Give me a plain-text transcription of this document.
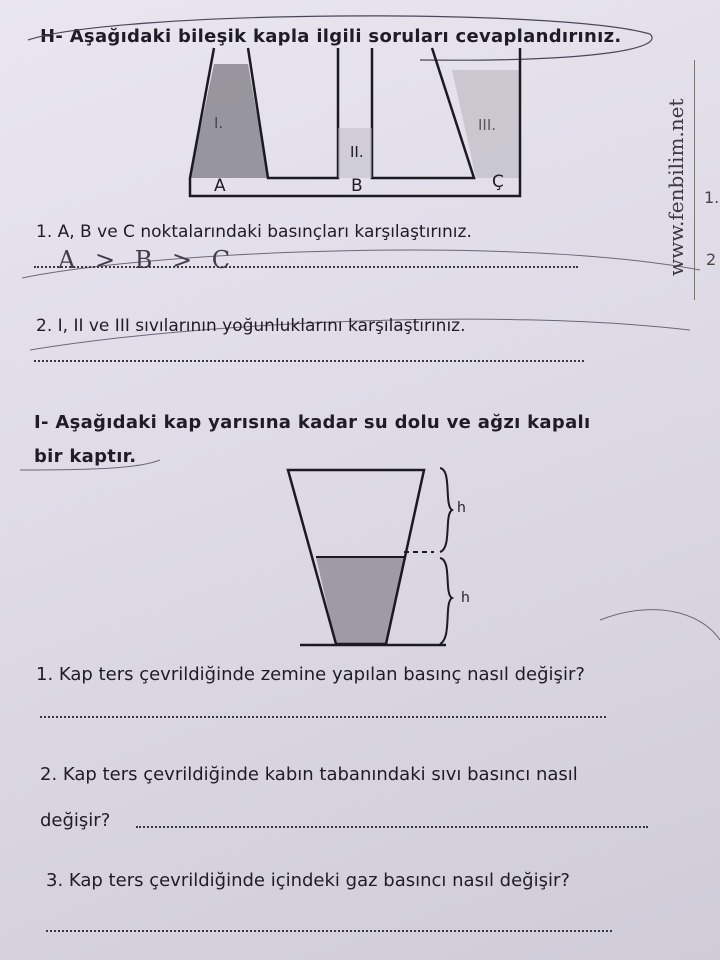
H- Aşağıdaki bileşik kapla ilgili soruları cevaplandırınız.
I.
II.
III.
A	B	Ç
1. A, B ve C noktalarındaki basınçları karşılaştırınız.
A > B > C
2. I, II ve III sıvılarının yoğunluklarını karşılaştırınız.
www.fenbilim.net 1.
2
I- Aşağıdaki kap yarısına kadar su dolu ve ağzı kapalı
bir kaptır.
h
h
1. Kap ters çevrildiğinde zemine yapılan basınç nasıl değişir?
2. Kap ters çevrildiğinde kabın tabanındaki sıvı basıncı nasıl
değişir?
3. Kap ters çevrildiğinde içindeki gaz basıncı nasıl değişir?
